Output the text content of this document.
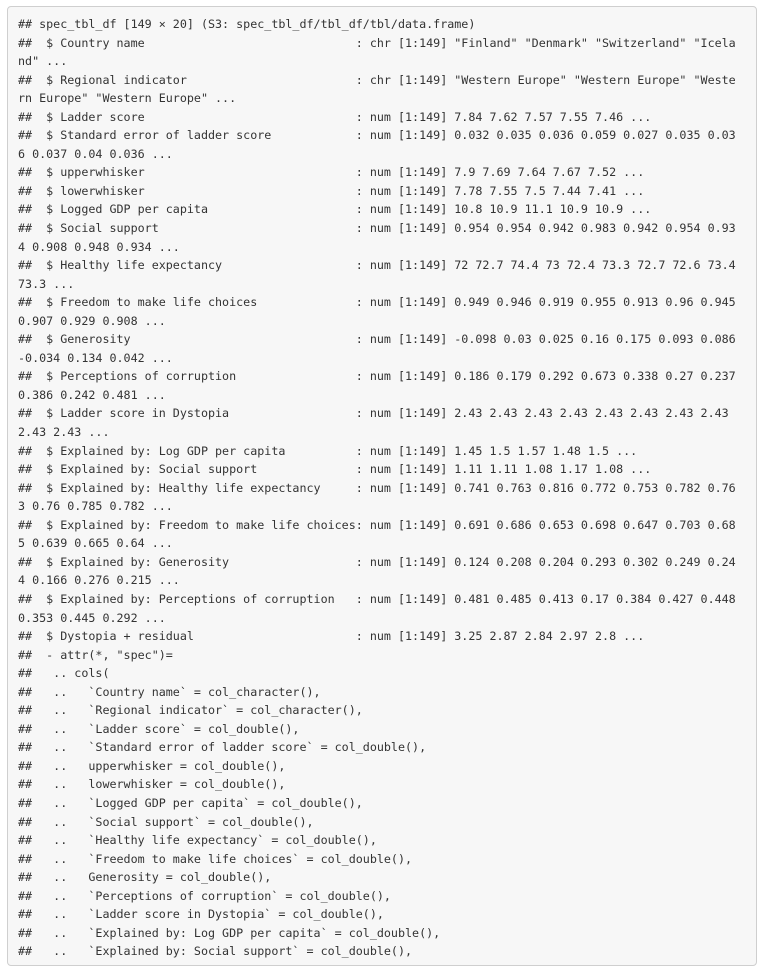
## spec_tbl_df [149 × 20] (S3: spec_tbl_df/tbl_df/tbl/data.frame)
##  $ Country name                              : chr [1:149] "Finland" "Denmark" "Switzerland" "Icela
nd" ...
##  $ Regional indicator                        : chr [1:149] "Western Europe" "Western Europe" "Weste
rn Europe" "Western Europe" ...
##  $ Ladder score                              : num [1:149] 7.84 7.62 7.57 7.55 7.46 ...
##  $ Standard error of ladder score            : num [1:149] 0.032 0.035 0.036 0.059 0.027 0.035 0.03
6 0.037 0.04 0.036 ...
##  $ upperwhisker                              : num [1:149] 7.9 7.69 7.64 7.67 7.52 ...
##  $ lowerwhisker                              : num [1:149] 7.78 7.55 7.5 7.44 7.41 ...
##  $ Logged GDP per capita                     : num [1:149] 10.8 10.9 11.1 10.9 10.9 ...
##  $ Social support                            : num [1:149] 0.954 0.954 0.942 0.983 0.942 0.954 0.93
4 0.908 0.948 0.934 ...
##  $ Healthy life expectancy                   : num [1:149] 72 72.7 74.4 73 72.4 73.3 72.7 72.6 73.4
73.3 ...
##  $ Freedom to make life choices              : num [1:149] 0.949 0.946 0.919 0.955 0.913 0.96 0.945
0.907 0.929 0.908 ...
##  $ Generosity                                : num [1:149] -0.098 0.03 0.025 0.16 0.175 0.093 0.086
-0.034 0.134 0.042 ...
##  $ Perceptions of corruption                 : num [1:149] 0.186 0.179 0.292 0.673 0.338 0.27 0.237
0.386 0.242 0.481 ...
##  $ Ladder score in Dystopia                  : num [1:149] 2.43 2.43 2.43 2.43 2.43 2.43 2.43 2.43
2.43 2.43 ...
##  $ Explained by: Log GDP per capita          : num [1:149] 1.45 1.5 1.57 1.48 1.5 ...
##  $ Explained by: Social support              : num [1:149] 1.11 1.11 1.08 1.17 1.08 ...
##  $ Explained by: Healthy life expectancy     : num [1:149] 0.741 0.763 0.816 0.772 0.753 0.782 0.76
3 0.76 0.785 0.782 ...
##  $ Explained by: Freedom to make life choices: num [1:149] 0.691 0.686 0.653 0.698 0.647 0.703 0.68
5 0.639 0.665 0.64 ...
##  $ Explained by: Generosity                  : num [1:149] 0.124 0.208 0.204 0.293 0.302 0.249 0.24
4 0.166 0.276 0.215 ...
##  $ Explained by: Perceptions of corruption   : num [1:149] 0.481 0.485 0.413 0.17 0.384 0.427 0.448
0.353 0.445 0.292 ...
##  $ Dystopia + residual                       : num [1:149] 3.25 2.87 2.84 2.97 2.8 ...
##  - attr(*, "spec")=
##   .. cols(
##   ..   `Country name` = col_character(),
##   ..   `Regional indicator` = col_character(),
##   ..   `Ladder score` = col_double(),
##   ..   `Standard error of ladder score` = col_double(),
##   ..   upperwhisker = col_double(),
##   ..   lowerwhisker = col_double(),
##   ..   `Logged GDP per capita` = col_double(),
##   ..   `Social support` = col_double(),
##   ..   `Healthy life expectancy` = col_double(),
##   ..   `Freedom to make life choices` = col_double(),
##   ..   Generosity = col_double(),
##   ..   `Perceptions of corruption` = col_double(),
##   ..   `Ladder score in Dystopia` = col_double(),
##   ..   `Explained by: Log GDP per capita` = col_double(),
##   ..   `Explained by: Social support` = col_double(),
